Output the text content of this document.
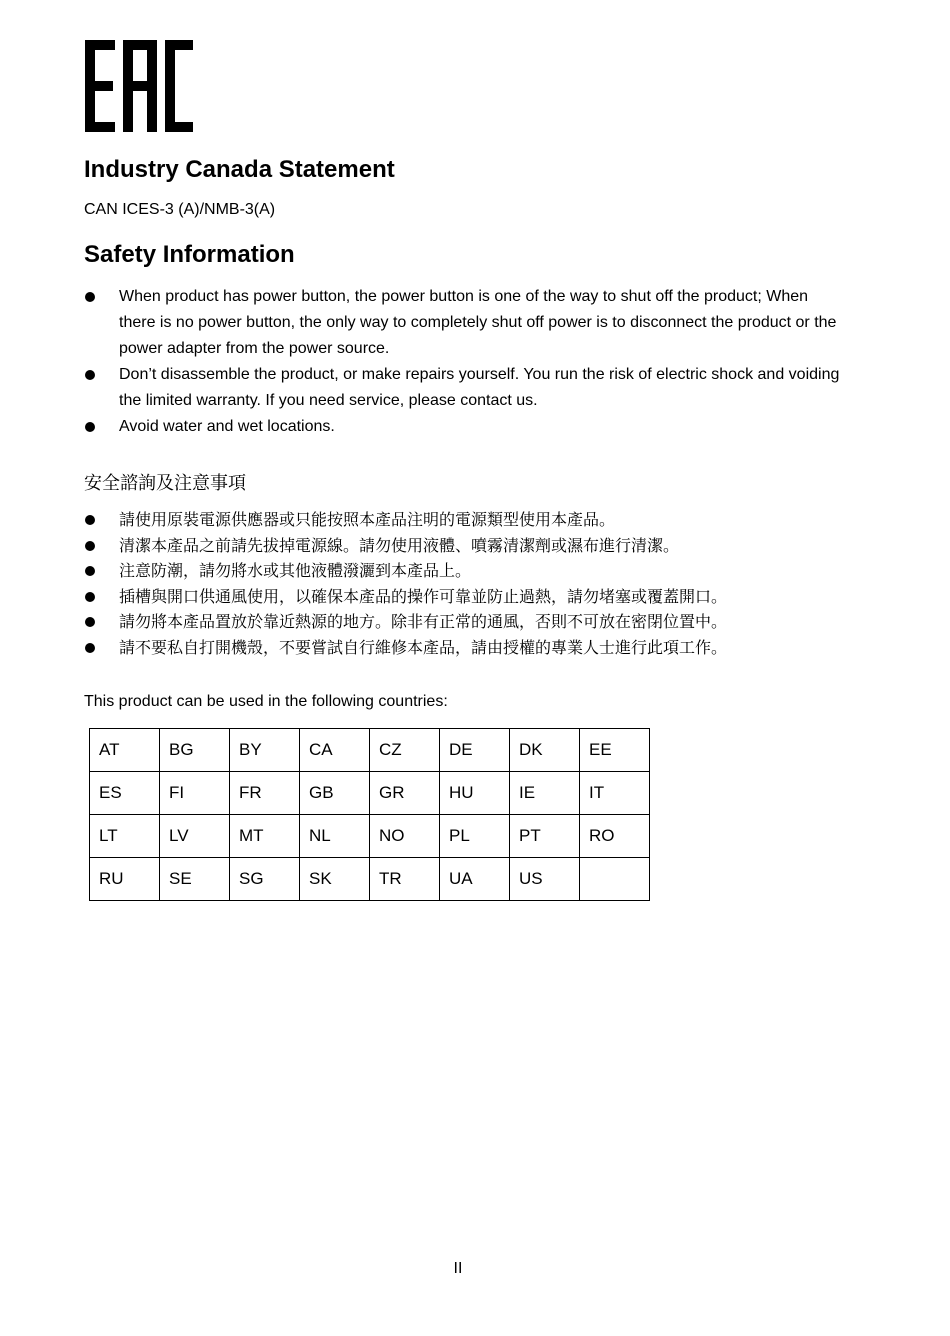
Industry Canada Statement
CAN ICES-3 (A)/NMB-3(A)
Safety Information
When product has power button, the power button is one of the way to shut off the product; When there is no power button, the only way to completely shut off power is to disconnect the product or the power adapter from the power source.
Don’t disassemble the product, or make repairs yourself. You run the risk of electric shock and voiding the limited warranty. If you need service, please contact us.
Avoid water and wet locations.
安全諮詢及注意事項
請使用原裝電源供應器或只能按照本產品注明的電源類型使用本產品。
清潔本產品之前請先拔掉電源線。請勿使用液體、噴霧清潔劑或濕布進行清潔。
注意防潮，請勿將水或其他液體潑灑到本產品上。
插槽與開口供通風使用，以確保本產品的操作可靠並防止過熱，請勿堵塞或覆蓋開口。
請勿將本產品置放於靠近熱源的地方。除非有正常的通風，否則不可放在密閉位置中。
請不要私自打開機殼，不要嘗試自行維修本產品，請由授權的專業人士進行此項工作。
This product can be used in the following countries:
AT	BG	BY	CA	CZ	DE	DK	EE
ES	FI	FR	GB	GR	HU	IE	IT
LT	LV	MT	NL	NO	PL	PT	RO
RU	SE	SG	SK	TR	UA	US	
II
